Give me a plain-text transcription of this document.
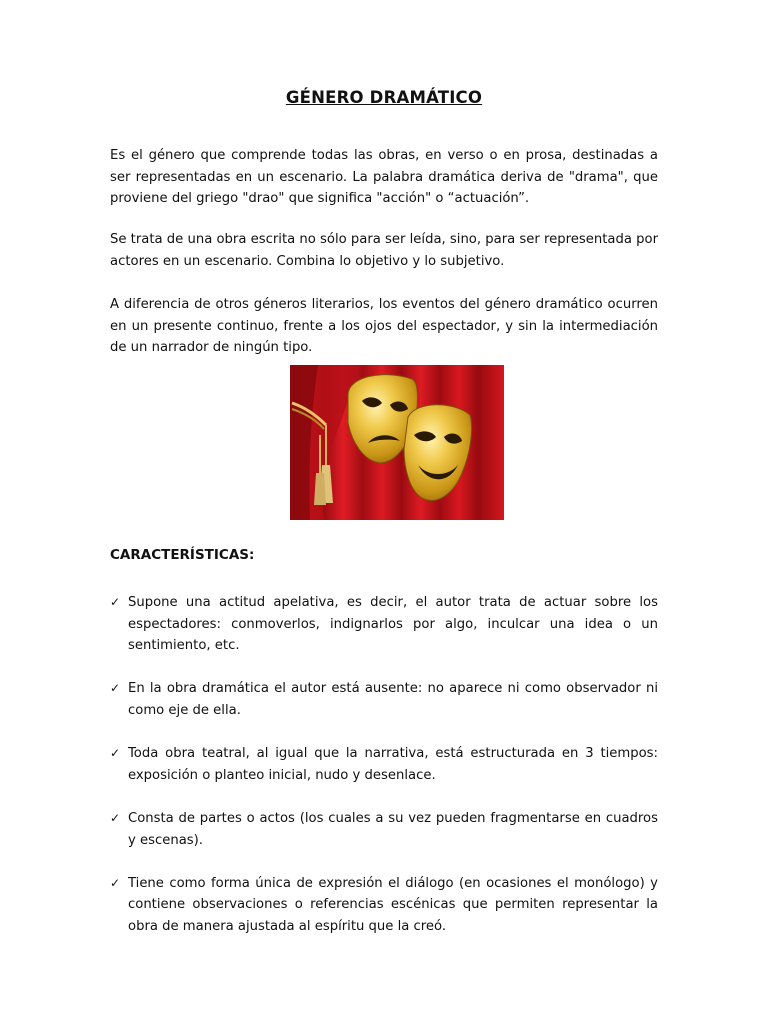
GÉNERO DRAMÁTICO

Es el género que comprende todas las obras, en verso o en prosa, destinadas a ser representadas en un escenario. La palabra dramática deriva de "drama", que proviene del griego "drao" que significa "acción" o “actuación”.

Se trata de una obra escrita no sólo para ser leída, sino, para ser representada por actores en un escenario. Combina lo objetivo y lo subjetivo.

A diferencia de otros géneros literarios, los eventos del género dramático ocurren en un presente continuo, frente a los ojos del espectador, y sin la intermediación de un narrador de ningún tipo.

CARACTERÍSTICAS:
✓ Supone una actitud apelativa, es decir, el autor trata de actuar sobre los espectadores: conmoverlos, indignarlos por algo, inculcar una idea o un sentimiento, etc.
✓ En la obra dramática el autor está ausente: no aparece ni como observador ni como eje de ella.
✓ Toda obra teatral, al igual que la narrativa, está estructurada en 3 tiempos: exposición o planteo inicial, nudo y desenlace.
✓ Consta de partes o actos (los cuales a su vez pueden fragmentarse en cuadros y escenas).
✓ Tiene como forma única de expresión el diálogo (en ocasiones el monólogo) y contiene observaciones o referencias escénicas que permiten representar la obra de manera ajustada al espíritu que la creó.
